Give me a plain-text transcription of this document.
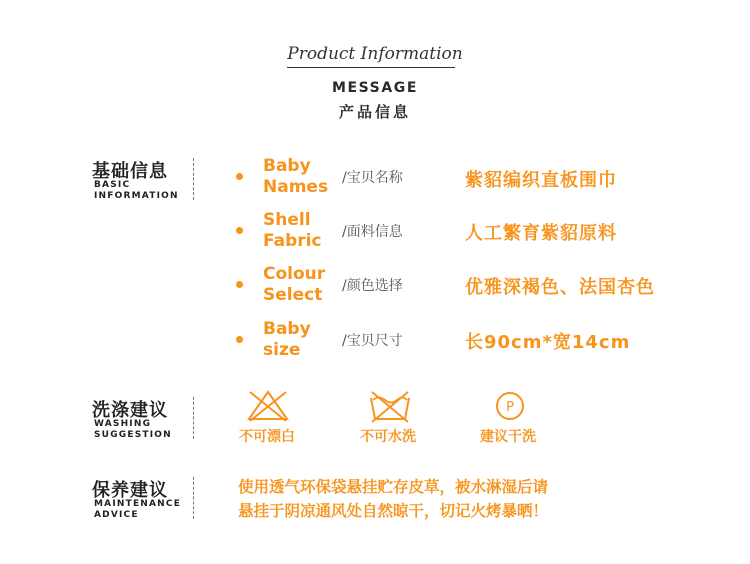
Product Information
MESSAGE
产品信息
基础信息
BASIC
INFORMATION
Baby
Names /宝贝名称	紫貂编织直板围巾
Shell
Fabric /面料信息	人工繁育紫貂原料
Colour
Select /颜色选择	优雅深褐色、法国杏色
Baby
size	/宝贝尺寸	长90cm*宽14cm
洗涤建议
WASHING
SUGGESTION	不可漂白	不可水洗
P
建议干洗
保养建议
MAINTENANCE
ADVICE
使用透气环保袋悬挂贮存皮草，被水淋湿后请
悬挂于阴凉通风处自然晾干，切记火烤暴晒！
